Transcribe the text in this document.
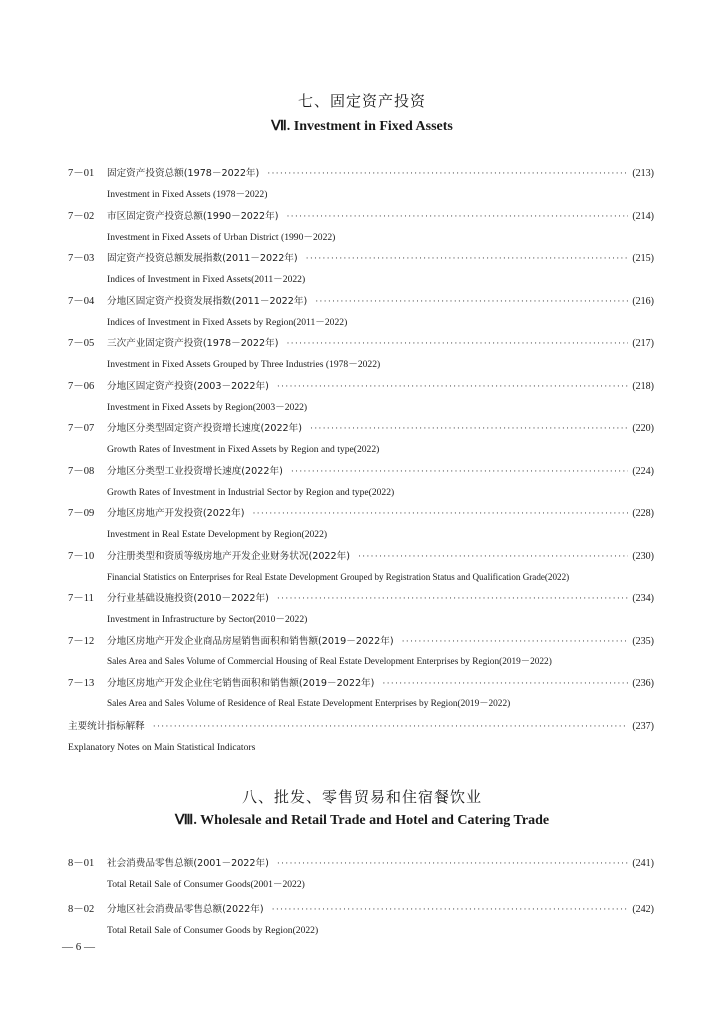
七、固定资产投资
Ⅶ. Investment in Fixed Assets
7－01	固定资产投资总额(1978－2022年) ·····	(213)
Investment in Fixed Assets (1978－2022)
7－02	市区固定资产投资总额(1990－2022年) ·····	(214)
Investment in Fixed Assets of Urban District (1990－2022)
7－03	固定资产投资总额发展指数(2011－2022年) ·····	(215)
Indices of Investment in Fixed Assets(2011－2022)
7－04	分地区固定资产投资发展指数(2011－2022年) ·····	(216)
Indices of Investment in Fixed Assets by Region(2011－2022)
7－05	三次产业固定资产投资(1978－2022年) ·····	(217)
Investment in Fixed Assets Grouped by Three Industries (1978－2022)
7－06	分地区固定资产投资(2003－2022年) ·····	(218)
Investment in Fixed Assets by Region(2003－2022)
7－07	分地区分类型固定资产投资增长速度(2022年) ·····	(220)
Growth Rates of Investment in Fixed Assets by Region and type(2022)
7－08	分地区分类型工业投资增长速度(2022年) ·····	(224)
Growth Rates of Investment in Industrial Sector by Region and type(2022)
7－09	分地区房地产开发投资(2022年) ·····	(228)
Investment in Real Estate Development by Region(2022)
7－10	分注册类型和资质等级房地产开发企业财务状况(2022年) ·····	(230)
Financial Statistics on Enterprises for Real Estate Development Grouped by Registration Status and Qualification Grade(2022)
7－11	分行业基础设施投资(2010－2022年) ·····	(234)
Investment in Infrastructure by Sector(2010－2022)
7－12	分地区房地产开发企业商品房屋销售面积和销售额(2019－2022年) ·····	(235)
Sales Area and Sales Volume of Commercial Housing of Real Estate Development Enterprises by Region(2019－2022)
7－13	分地区房地产开发企业住宅销售面积和销售额(2019－2022年) ·····	(236)
Sales Area and Sales Volume of Residence of Real Estate Development Enterprises by Region(2019－2022)
主要统计指标解释 ·····	(237)
Explanatory Notes on Main Statistical Indicators
八、批发、零售贸易和住宿餐饮业
Ⅷ. Wholesale and Retail Trade and Hotel and Catering Trade
8－01	社会消费品零售总额(2001－2022年) ·····	(241)
Total Retail Sale of Consumer Goods(2001－2022)
8－02	分地区社会消费品零售总额(2022年) ·····	(242)
Total Retail Sale of Consumer Goods by Region(2022)
— 6 —
